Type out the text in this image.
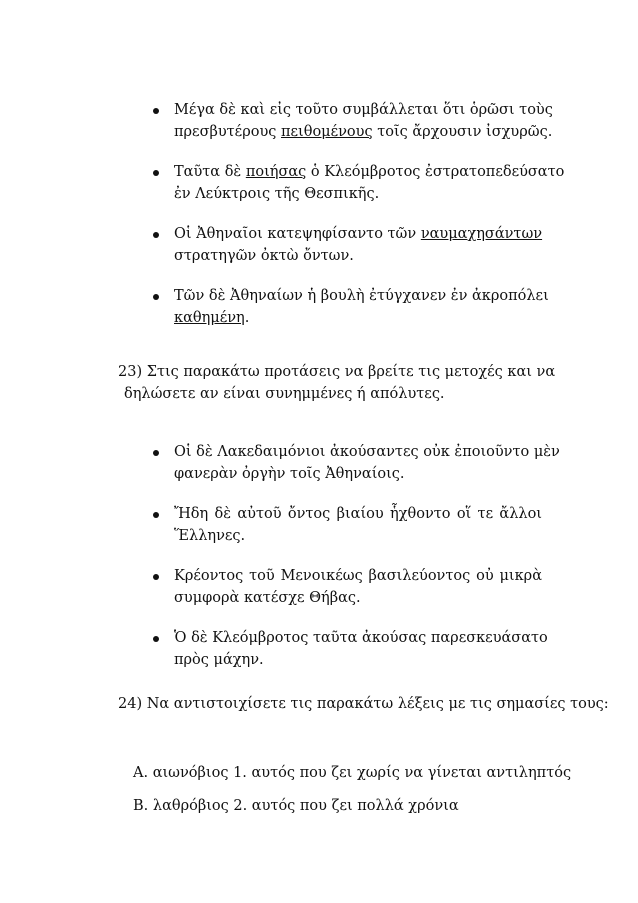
Μέγα δὲ καὶ εἰς τοῦτο συμβάλλεται ὅτι ὁρῶσι τοὺς
πρεσβυτέρους πειθομένους τοῖς ἄρχουσιν ἰσχυρῶς.
Ταῦτα δὲ ποιήσας ὁ Κλεόμβροτος ἐστρατοπεδεύσατο
ἐν Λεύκτροις τῆς Θεσπικῆς.
Οἱ Ἀθηναῖοι κατεψηφίσαντο τῶν ναυμαχησάντων
στρατηγῶν ὀκτὼ ὄντων.
Τῶν δὲ Ἀθηναίων ἡ βουλὴ ἐτύγχανεν ἐν ἀκροπόλει
καθημένη.
23) Στις παρακάτω προτάσεις να βρείτε τις μετοχές και να
δηλώσετε αν είναι συνημμένες ή απόλυτες.
Οἱ δὲ Λακεδαιμόνιοι ἀκούσαντες οὐκ ἐποιοῦντο μὲν
φανερὰν ὀργὴν τοῖς Ἀθηναίοις.
Ἤδη δὲ αὐτοῦ ὄντος βιαίου ἧχθοντο οἵ τε ἄλλοι
Ἕλληνες.
Κρέοντος τοῦ Μενοικέως βασιλεύοντος οὐ μικρὰ
συμφορὰ κατέσχε Θήβας.
Ὁ δὲ Κλεόμβροτος ταῦτα ἀκούσας παρεσκευάσατο
πρὸς μάχην.
24) Να αντιστοιχίσετε τις παρακάτω λέξεις με τις σημασίες τους:
Α. αιωνόβιος 1. αυτός που ζει χωρίς να γίνεται αντιληπτός
Β. λαθρόβιος 2. αυτός που ζει πολλά χρόνια
